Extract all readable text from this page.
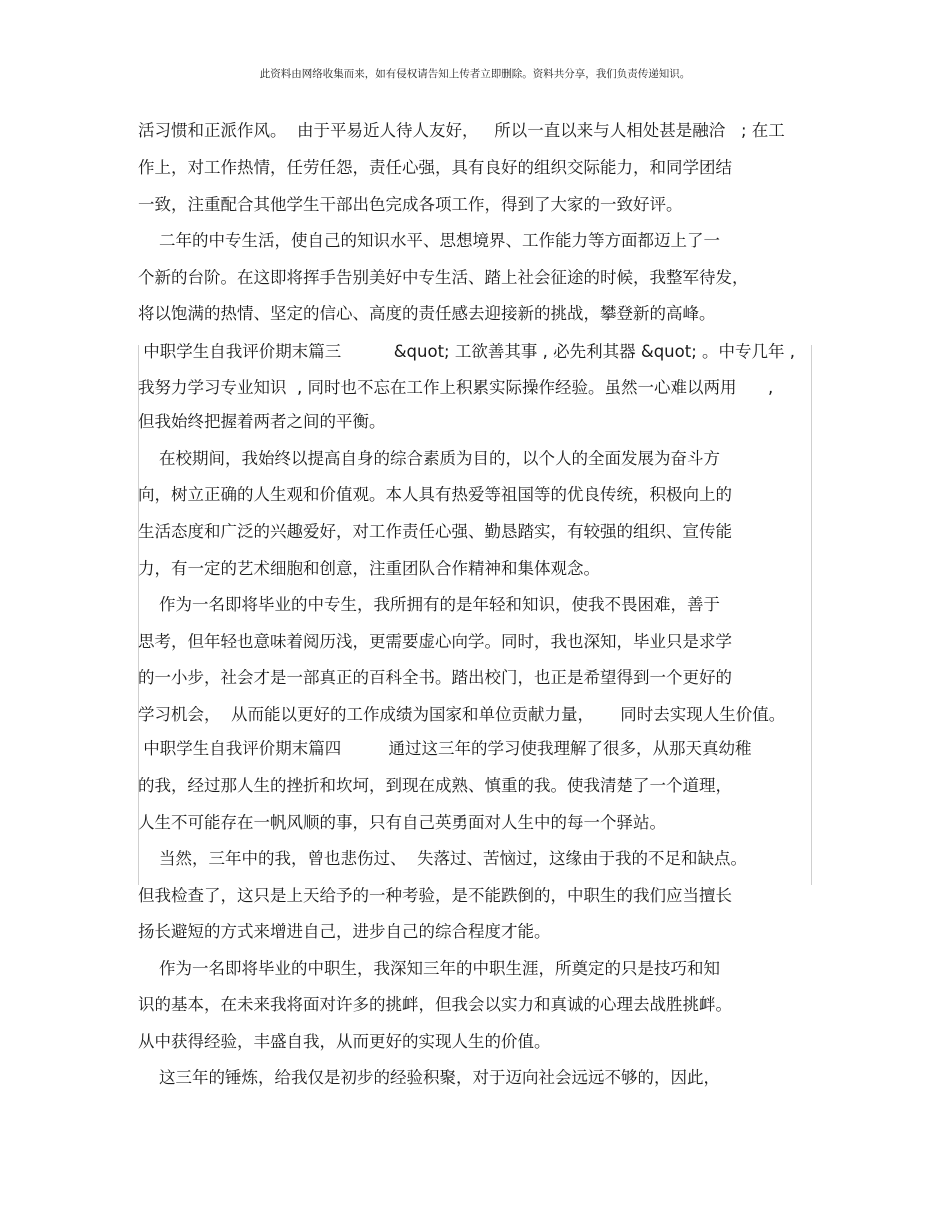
此资料由网络收集而来，如有侵权请告知上传者立即删除。资料共分享，我们负责传递知识。
活习惯和正派作风。  由于平易近人待人友好，   所以一直以来与人相处甚是融洽   ; 在工
作上，对工作热情，任劳任怨，责任心强，具有良好的组织交际能力，和同学团结
一致，注重配合其他学生干部出色完成各项工作，得到了大家的一致好评。
二年的中专生活，使自己的知识水平、思想境界、工作能力等方面都迈上了一
个新的台阶。在这即将挥手告别美好中专生活、踏上社会征途的时候，我整军待发，
将以饱满的热情、坚定的信心、高度的责任感去迎接新的挑战，攀登新的高峰。
中职学生自我评价期末篇三          &quot; 工欲善其事 , 必先利其器 &quot; 。中专几年 ,
我努力学习专业知识  , 同时也不忘在工作上积累实际操作经验。虽然一心难以两用      ,
但我始终把握着两者之间的平衡。
在校期间，我始终以提高自身的综合素质为目的，以个人的全面发展为奋斗方
向，树立正确的人生观和价值观。本人具有热爱等祖国等的优良传统，积极向上的
生活态度和广泛的兴趣爱好，对工作责任心强、勤恳踏实，有较强的组织、宣传能
力，有一定的艺术细胞和创意，注重团队合作精神和集体观念。
作为一名即将毕业的中专生，我所拥有的是年轻和知识，使我不畏困难，善于
思考，但年轻也意味着阅历浅，更需要虚心向学。同时，我也深知，毕业只是求学
的一小步，社会才是一部真正的百科全书。踏出校门，也正是希望得到一个更好的
学习机会，  从而能以更好的工作成绩为国家和单位贡献力量，     同时去实现人生价值。
中职学生自我评价期末篇四         通过这三年的学习使我理解了很多，从那天真幼稚
的我，经过那人生的挫折和坎坷，到现在成熟、慎重的我。使我清楚了一个道理，
人生不可能存在一帆风顺的事，只有自己英勇面对人生中的每一个驿站。
当然，三年中的我，曾也悲伤过、  失落过、苦恼过，这缘由于我的不足和缺点。
但我检查了，这只是上天给予的一种考验，是不能跌倒的，中职生的我们应当擅长
扬长避短的方式来增进自己，进步自己的综合程度才能。
作为一名即将毕业的中职生，我深知三年的中职生涯，所奠定的只是技巧和知
识的基本，在未来我将面对许多的挑衅，但我会以实力和真诚的心理去战胜挑衅。
从中获得经验，丰盛自我，从而更好的实现人生的价值。
这三年的锤炼，给我仅是初步的经验积聚，对于迈向社会远远不够的，因此，
